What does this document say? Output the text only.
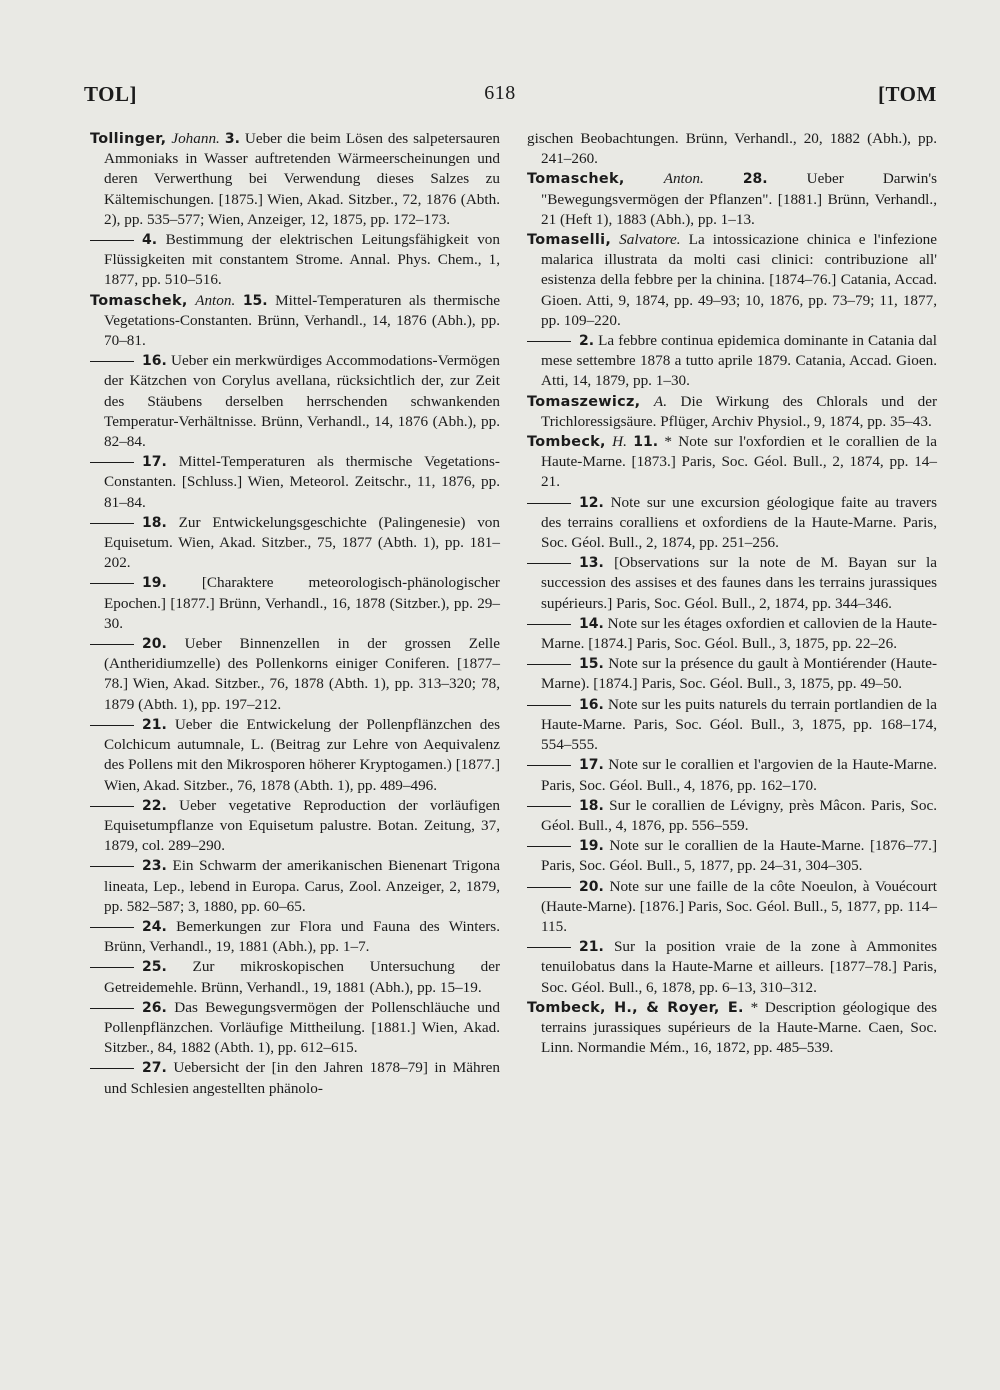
TOL]	618	[TOM
Tollinger, Johann. 3. Ueber die beim Lösen des salpetersauren Ammoniaks in Wasser auftretenden Wärmeerscheinungen und deren Verwerthung bei Verwendung dieses Salzes zu Kältemischungen. [1875.] Wien, Akad. Sitzber., 72, 1876 (Abth. 2), pp. 535–577; Wien, Anzeiger, 12, 1875, pp. 172–173.
4. Bestimmung der elektrischen Leitungsfähigkeit von Flüssigkeiten mit constantem Strome. Annal. Phys. Chem., 1, 1877, pp. 510–516.
Tomaschek, Anton. 15. Mittel-Temperaturen als thermische Vegetations-Constanten. Brünn, Verhandl., 14, 1876 (Abh.), pp. 70–81.
16. Ueber ein merkwürdiges Accommodations-Vermögen der Kätzchen von Corylus avellana, rücksichtlich der, zur Zeit des Stäubens derselben herrschenden schwankenden Temperatur-Verhältnisse. Brünn, Verhandl., 14, 1876 (Abh.), pp. 82–84.
17. Mittel-Temperaturen als thermische Vegetations-Constanten. [Schluss.] Wien, Meteorol. Zeitschr., 11, 1876, pp. 81–84.
18. Zur Entwickelungsgeschichte (Palingenesie) von Equisetum. Wien, Akad. Sitzber., 75, 1877 (Abth. 1), pp. 181–202.
19. [Charaktere meteorologisch-phänologischer Epochen.] [1877.] Brünn, Verhandl., 16, 1878 (Sitzber.), pp. 29–30.
20. Ueber Binnenzellen in der grossen Zelle (Antheridiumzelle) des Pollenkorns einiger Coniferen. [1877–78.] Wien, Akad. Sitzber., 76, 1878 (Abth. 1), pp. 313–320; 78, 1879 (Abth. 1), pp. 197–212.
21. Ueber die Entwickelung der Pollenpflänzchen des Colchicum autumnale, L. (Beitrag zur Lehre von Aequivalenz des Pollens mit den Mikrosporen höherer Kryptogamen.) [1877.] Wien, Akad. Sitzber., 76, 1878 (Abth. 1), pp. 489–496.
22. Ueber vegetative Reproduction der vorläufigen Equisetumpflanze von Equisetum palustre. Botan. Zeitung, 37, 1879, col. 289–290.
23. Ein Schwarm der amerikanischen Bienenart Trigona lineata, Lep., lebend in Europa. Carus, Zool. Anzeiger, 2, 1879, pp. 582–587; 3, 1880, pp. 60–65.
24. Bemerkungen zur Flora und Fauna des Winters. Brünn, Verhandl., 19, 1881 (Abh.), pp. 1–7.
25. Zur mikroskopischen Untersuchung der Getreidemehle. Brünn, Verhandl., 19, 1881 (Abh.), pp. 15–19.
26. Das Bewegungsvermögen der Pollenschläuche und Pollenpflänzchen. Vorläufige Mittheilung. [1881.] Wien, Akad. Sitzber., 84, 1882 (Abth. 1), pp. 612–615.
27. Uebersicht der [in den Jahren 1878–79] in Mähren und Schlesien angestellten phänolo-
gischen Beobachtungen. Brünn, Verhandl., 20, 1882 (Abh.), pp. 241–260.
Tomaschek,	Anton.	28.	Ueber Darwin's "Bewegungsvermögen der Pflanzen". [1881.] Brünn, Verhandl., 21 (Heft 1), 1883 (Abh.), pp. 1–13.
Tomaselli, Salvatore. La intossicazione chinica e l'infezione malarica illustrata da molti casi clinici: contribuzione all' esistenza della febbre per la chinina. [1874–76.] Catania, Accad. Gioen. Atti, 9, 1874, pp. 49–93; 10, 1876, pp. 73–79; 11, 1877, pp. 109–220.
2. La febbre continua epidemica dominante in Catania dal mese settembre 1878 a tutto aprile 1879. Catania, Accad. Gioen. Atti, 14, 1879, pp. 1–30.
Tomaszewicz, A. Die Wirkung des Chlorals und der Trichloressigsäure. Pflüger, Archiv Physiol., 9, 1874, pp. 35–43.
Tombeck, H. 11. * Note sur l'oxfordien et le corallien de la Haute-Marne. [1873.] Paris, Soc. Géol. Bull., 2, 1874, pp. 14–21.
12. Note sur une excursion géologique faite au travers des terrains coralliens et oxfordiens de la Haute-Marne. Paris, Soc. Géol. Bull., 2, 1874, pp. 251–256.
13. [Observations sur la note de M. Bayan sur la succession des assises et des faunes dans les terrains jurassiques supérieurs.] Paris, Soc. Géol. Bull., 2, 1874, pp. 344–346.
14. Note sur les étages oxfordien et callovien de la Haute-Marne. [1874.] Paris, Soc. Géol. Bull., 3, 1875, pp. 22–26.
15. Note sur la présence du gault à Montiérender (Haute-Marne). [1874.] Paris, Soc. Géol. Bull., 3, 1875, pp. 49–50.
16. Note sur les puits naturels du terrain portlandien de la Haute-Marne. Paris, Soc. Géol. Bull., 3, 1875, pp. 168–174, 554–555.
17. Note sur le corallien et l'argovien de la Haute-Marne. Paris, Soc. Géol. Bull., 4, 1876, pp. 162–170.
18. Sur le corallien de Lévigny, près Mâcon. Paris, Soc. Géol. Bull., 4, 1876, pp. 556–559.
19. Note sur le corallien de la Haute-Marne. [1876–77.] Paris, Soc. Géol. Bull., 5, 1877, pp. 24–31, 304–305.
20. Note sur une faille de la côte Noeulon, à Vouécourt (Haute-Marne). [1876.] Paris, Soc. Géol. Bull., 5, 1877, pp. 114–115.
21. Sur la position vraie de la zone à Ammonites tenuilobatus dans la Haute-Marne et ailleurs. [1877–78.] Paris, Soc. Géol. Bull., 6, 1878, pp. 6–13, 310–312.
Tombeck, H., & Royer, E. * Description géologique des terrains jurassiques supérieurs de la Haute-Marne. Caen, Soc. Linn. Normandie Mém., 16, 1872, pp. 485–539.
